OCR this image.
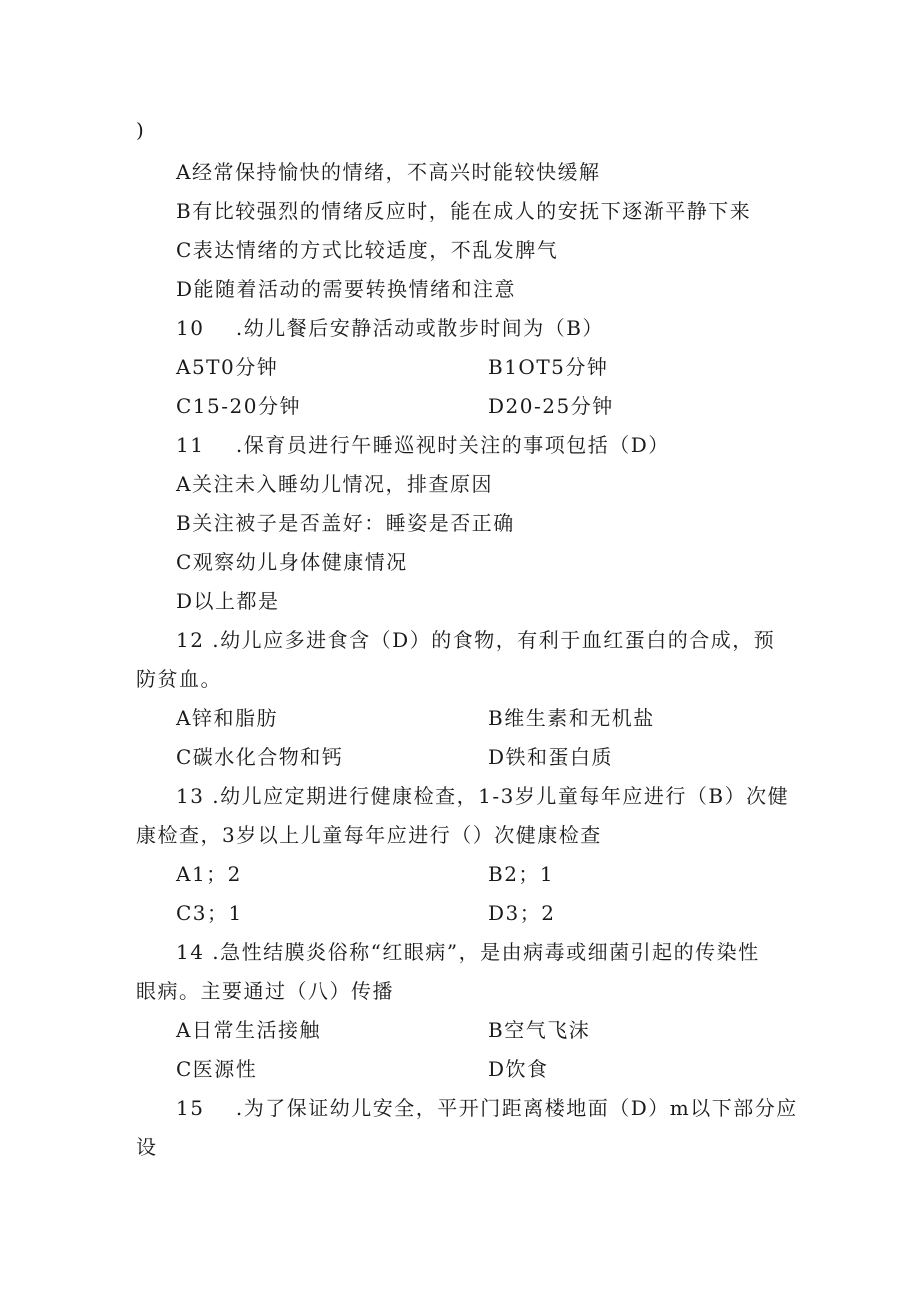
)
A经常保持愉快的情绪，不高兴时能较快缓解
B有比较强烈的情绪反应时，能在成人的安抚下逐渐平静下来
C表达情绪的方式比较适度，不乱发脾气
D能随着活动的需要转换情绪和注意
10    .幼儿餐后安静活动或散步时间为（B）
A5T0分钟	B1OT5分钟
C15-20分钟	D20-25分钟
11    .保育员进行午睡巡视时关注的事项包括（D）
A关注未入睡幼儿情况，排查原因
B关注被子是否盖好：睡姿是否正确
C观察幼儿身体健康情况
D以上都是
12 .幼儿应多进食含（D）的食物，有利于血红蛋白的合成，预
防贫血。
A锌和脂肪	B维生素和无机盐
C碳水化合物和钙	D铁和蛋白质
13 .幼儿应定期进行健康检查，1-3岁儿童每年应进行（B）次健
康检查，3岁以上儿童每年应进行（）次健康检查
A1；2	B2；1
C3；1	D3；2
14 .急性结膜炎俗称“红眼病”，是由病毒或细菌引起的传染性
眼病。主要通过（八）传播
A日常生活接触	B空气飞沫
C医源性	D饮食
15    .为了保证幼儿安全，平开门距离楼地面（D）m以下部分应
设
